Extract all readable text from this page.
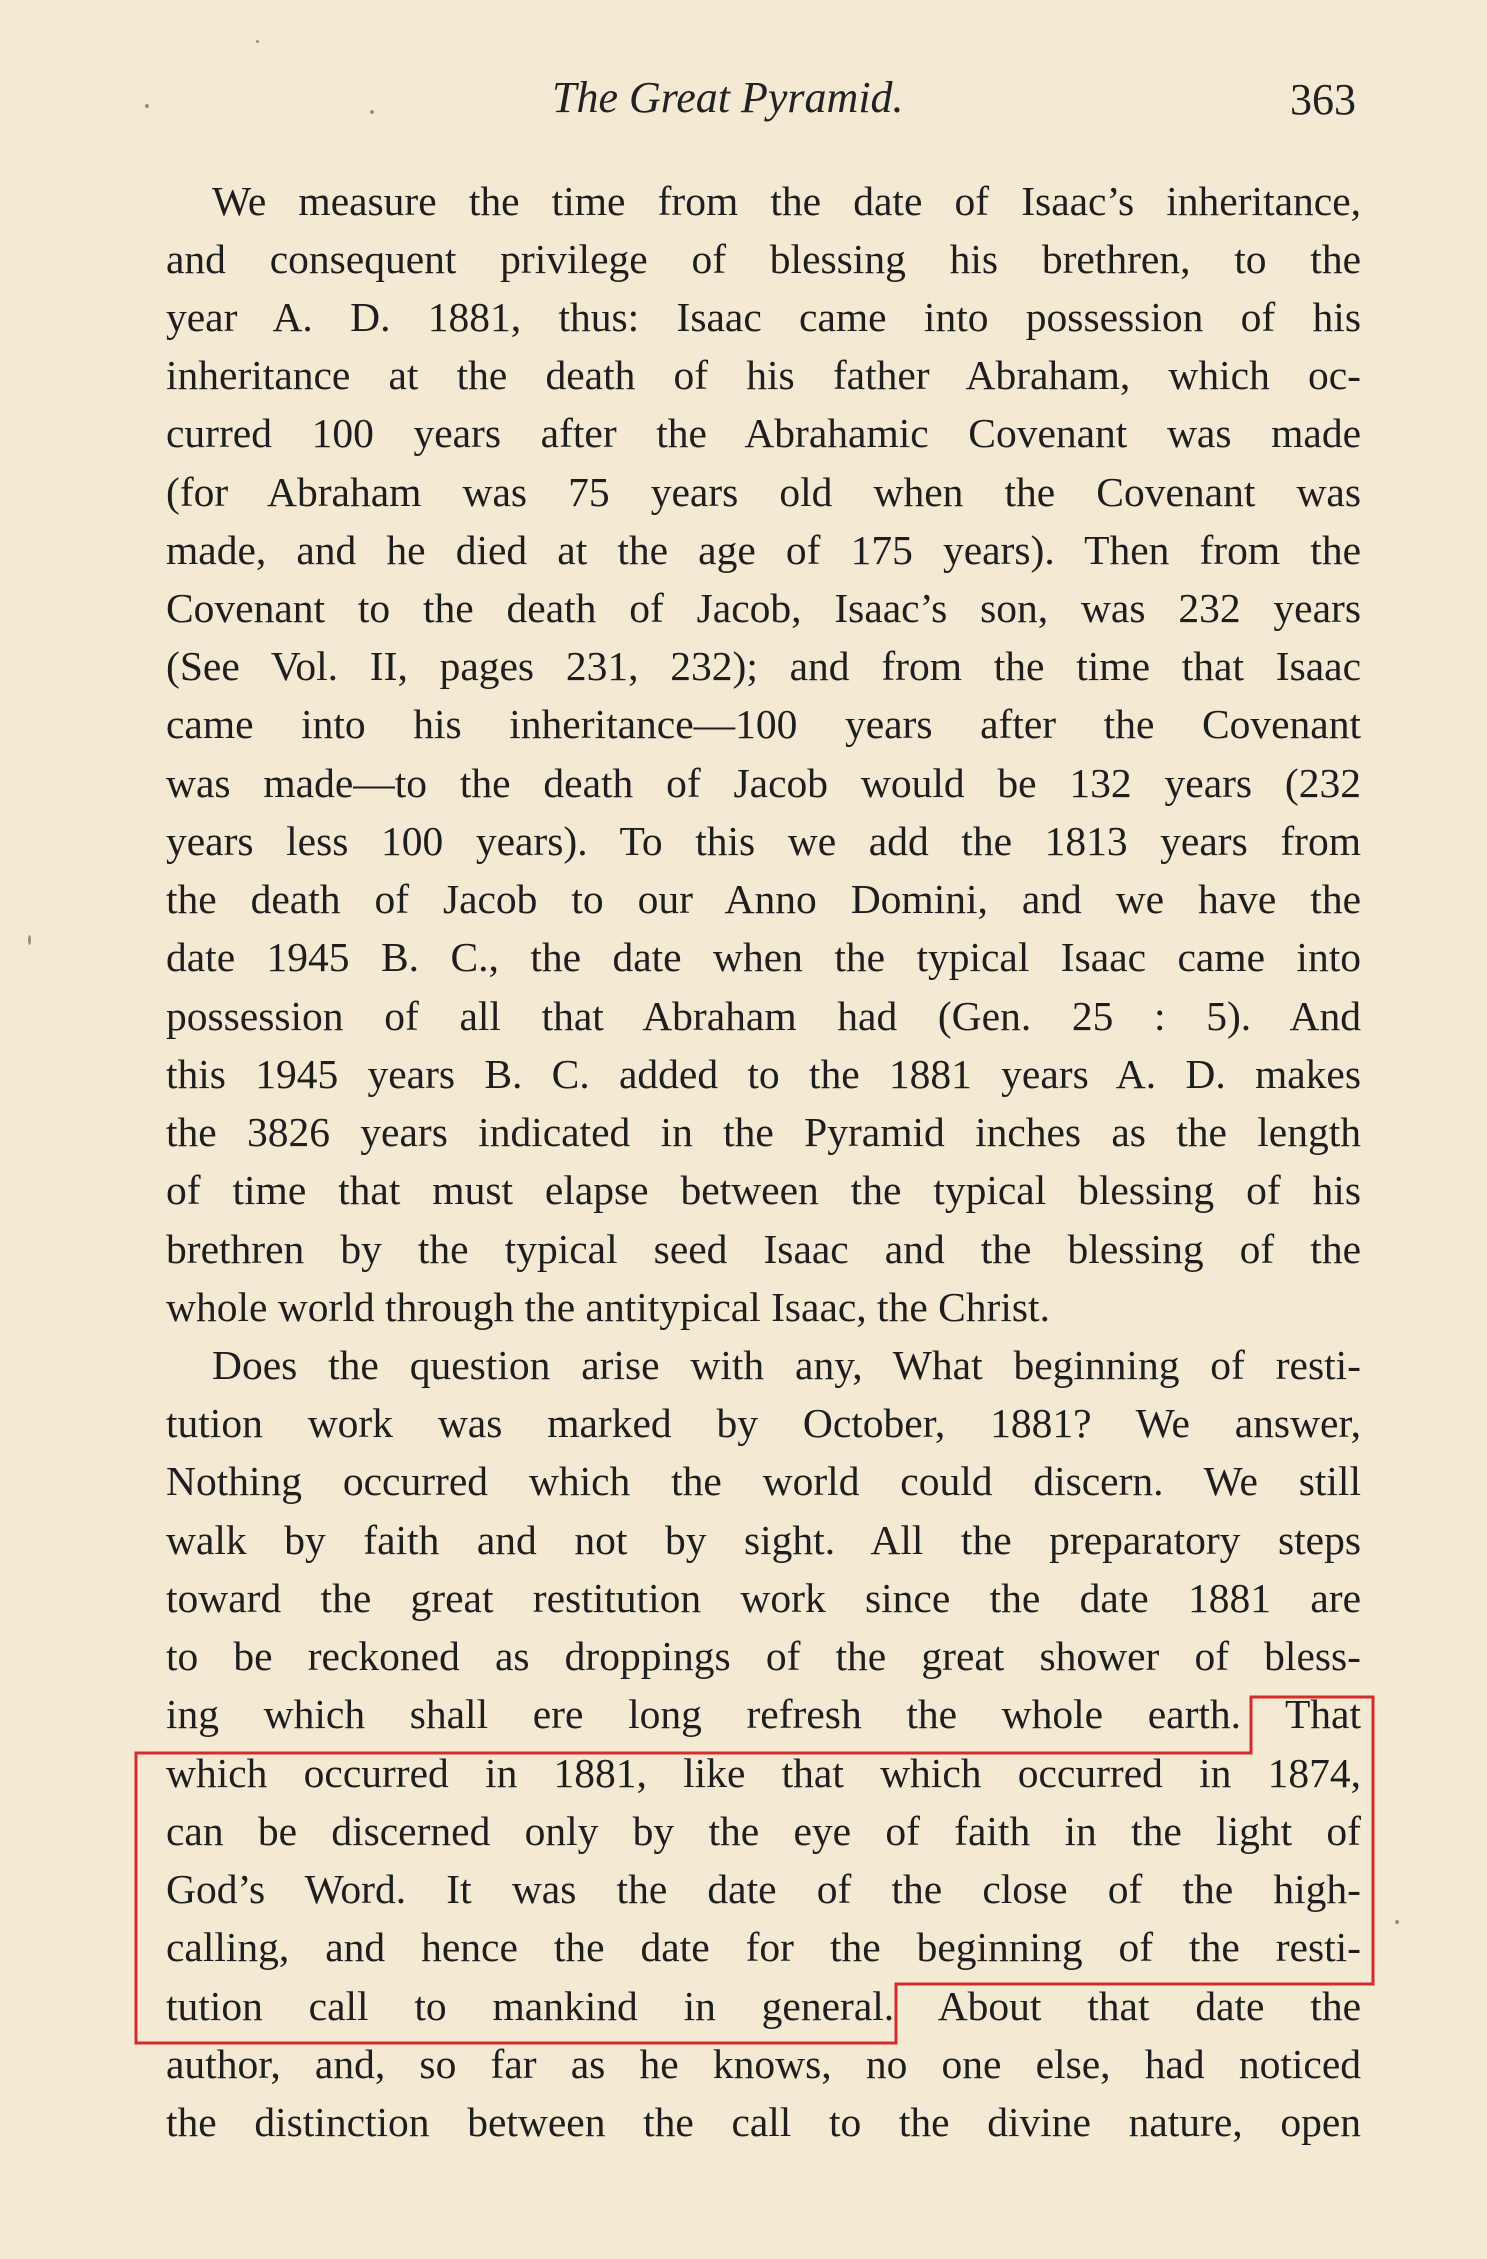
The Great Pyramid.	363
We measure the time from the date of Isaac’s inheritance,
and consequent privilege of blessing his brethren, to the
year A. D. 1881, thus: Isaac came into possession of his
inheritance at the death of his father Abraham, which oc-
curred 100 years after the Abrahamic Covenant was made
(for Abraham was 75 years old when the Covenant was
made, and he died at the age of 175 years). Then from the
Covenant to the death of Jacob, Isaac’s son, was 232 years
(See Vol. II, pages 231, 232); and from the time that Isaac
came into his inheritance—100 years after the Covenant
was made—to the death of Jacob would be 132 years (232
years less 100 years). To this we add the 1813 years from
the death of Jacob to our Anno Domini, and we have the
date 1945 B. C., the date when the typical Isaac came into
possession of all that Abraham had (Gen. 25 : 5). And
this 1945 years B. C. added to the 1881 years A. D. makes
the 3826 years indicated in the Pyramid inches as the length
of time that must elapse between the typical blessing of his
brethren by the typical seed Isaac and the blessing of the
whole world through the antitypical Isaac, the Christ.
Does the question arise with any, What beginning of resti-
tution work was marked by October, 1881? We answer,
Nothing occurred which the world could discern. We still
walk by faith and not by sight. All the preparatory steps
toward the great restitution work since the date 1881 are
to be reckoned as droppings of the great shower of bless-
ing which shall ere long refresh the whole earth. That
which occurred in 1881, like that which occurred in 1874,
can be discerned only by the eye of faith in the light of
God’s Word. It was the date of the close of the high-
calling, and hence the date for the beginning of the resti-
tution call to mankind in general. About that date the
author, and, so far as he knows, no one else, had noticed
the distinction between the call to the divine nature, open
